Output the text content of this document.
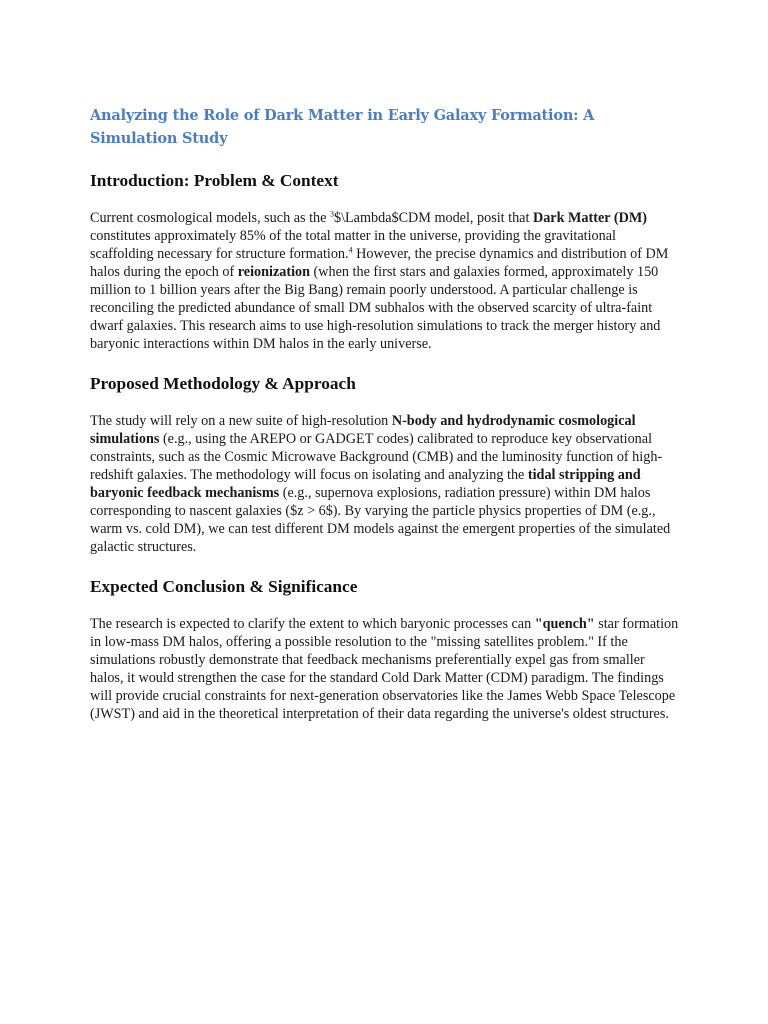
Analyzing the Role of Dark Matter in Early Galaxy Formation: A Simulation Study
Introduction: Problem & Context

Current cosmological models, such as the $^3$\$\Lambda$CDM model, posit that Dark Matter (DM) constitutes approximately 85% of the total matter in the universe, providing the gravitational scaffolding necessary for structure formation.$^4$ However, the precise dynamics and distribution of DM halos during the epoch of reionization (when the first stars and galaxies formed, approximately 150 million to 1 billion years after the Big Bang) remain poorly understood. A particular challenge is reconciling the predicted abundance of small DM subhalos with the observed scarcity of ultra-faint dwarf galaxies. This research aims to use high-resolution simulations to track the merger history and baryonic interactions within DM halos in the early universe.

Proposed Methodology & Approach

The study will rely on a new suite of high-resolution N-body and hydrodynamic cosmological simulations (e.g., using the AREPO or GADGET codes) calibrated to reproduce key observational constraints, such as the Cosmic Microwave Background (CMB) and the luminosity function of high-redshift galaxies. The methodology will focus on isolating and analyzing the tidal stripping and baryonic feedback mechanisms (e.g., supernova explosions, radiation pressure) within DM halos corresponding to nascent galaxies ($z > 6$). By varying the particle physics properties of DM (e.g., warm vs. cold DM), we can test different DM models against the emergent properties of the simulated galactic structures.

Expected Conclusion & Significance

The research is expected to clarify the extent to which baryonic processes can "quench" star formation in low-mass DM halos, offering a possible resolution to the "missing satellites problem." If the simulations robustly demonstrate that feedback mechanisms preferentially expel gas from smaller halos, it would strengthen the case for the standard Cold Dark Matter (CDM) paradigm. The findings will provide crucial constraints for next-generation observatories like the James Webb Space Telescope (JWST) and aid in the theoretical interpretation of their data regarding the universe's oldest structures.
